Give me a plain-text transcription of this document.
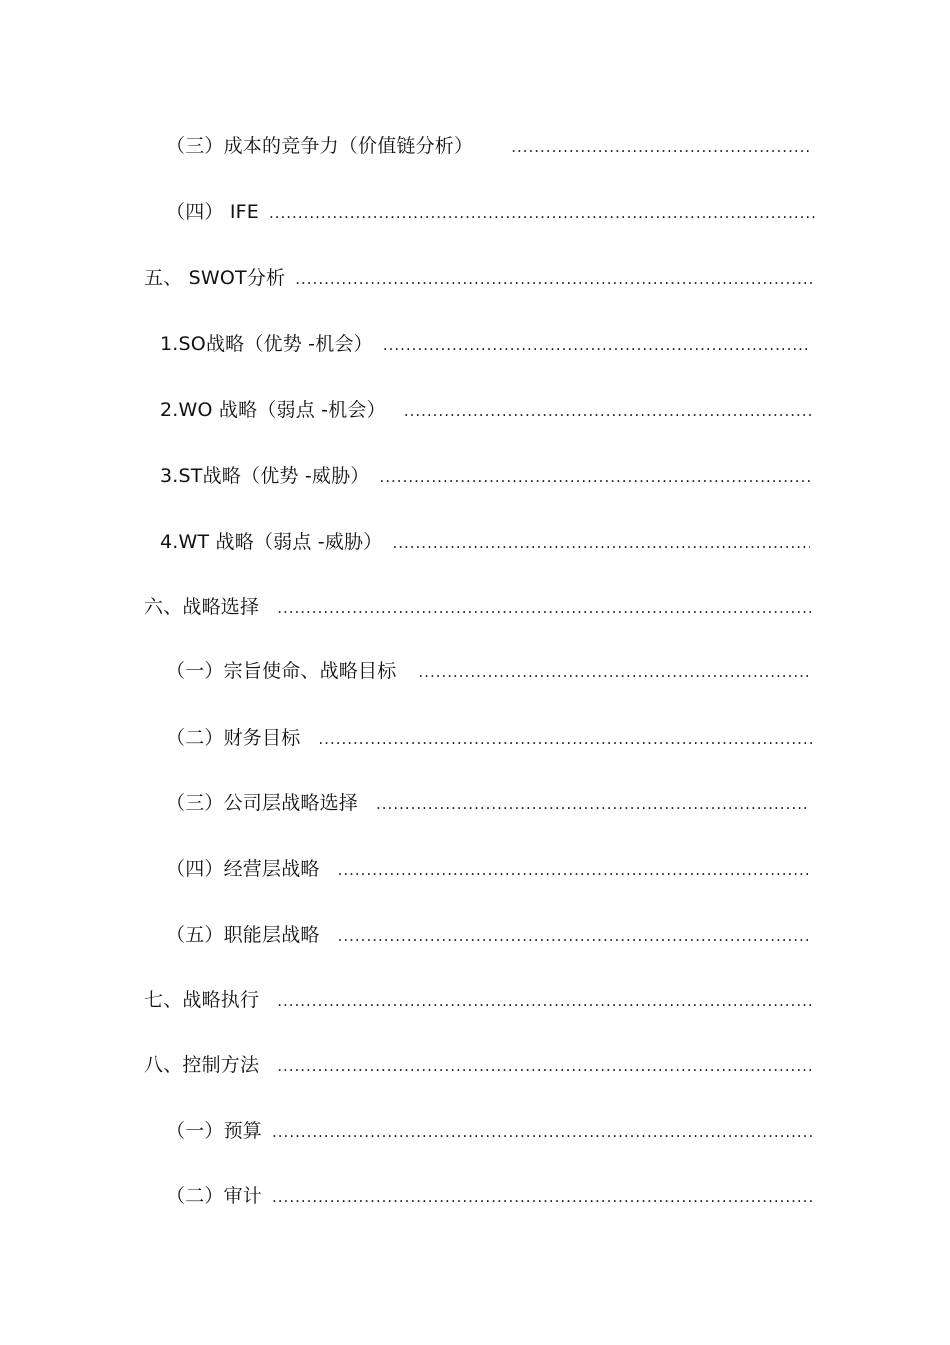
（三）成本的竞争力（价值链分析）
.....
（四） IFE
.....
五、 SWOT分析
.....
1.SO战略（优势 -机会）
.....
2.WO 战略（弱点 -机会）
.....
3.ST战略（优势 -威胁）
.....
4.WT 战略（弱点 -威胁）
.....
六、战略选择
.....
（一）宗旨使命、战略目标
.....
（二）财务目标
.....
（三）公司层战略选择
.....
（四）经营层战略
.....
（五）职能层战略
.....
七、战略执行
.....
八、控制方法
.....
（一）预算
.....
（二）审计
.....
